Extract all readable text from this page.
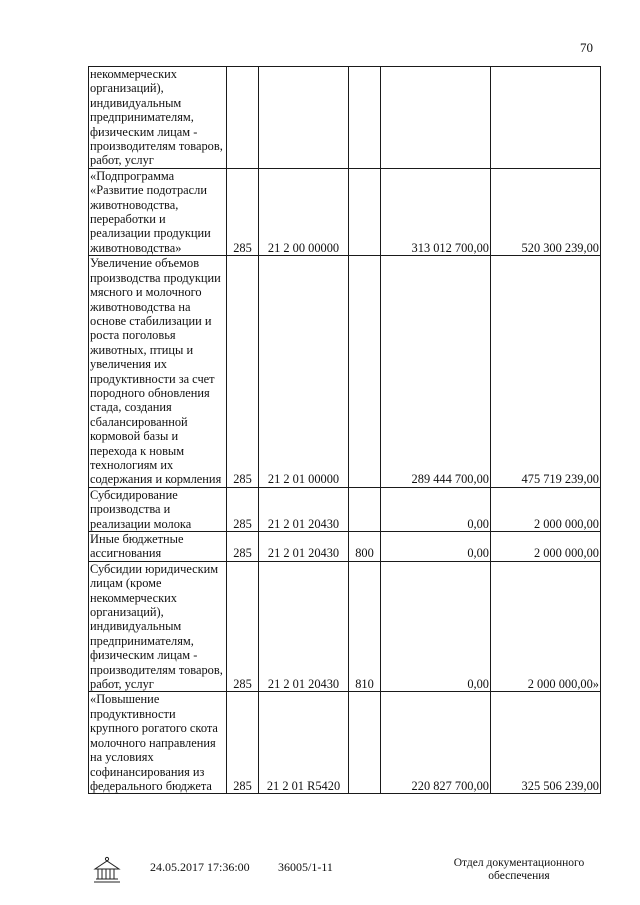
70
некоммерческих организаций), индивидуальным предпринимателям, физическим лицам - производителям товаров, работ, услуг					
«Подпрограмма «Развитие подотрасли животноводства, переработки и реализации продукции животноводства»	285	21 2 00 00000		313 012 700,00	520 300 239,00
Увеличение объемов производства продукции мясного и молочного животноводства на основе стабилизации и роста поголовья животных, птицы и увеличения их продуктивности за счет породного обновления стада, создания сбалансированной кормовой базы и перехода к новым технологиям их содержания и кормления	285	21 2 01 00000		289 444 700,00	475 719 239,00
Субсидирование производства и реализации молока	285	21 2 01 20430		0,00	2 000 000,00
Иные бюджетные ассигнования	285	21 2 01 20430	800	0,00	2 000 000,00
Субсидии юридическим лицам (кроме некоммерческих организаций), индивидуальным предпринимателям, физическим лицам - производителям товаров, работ, услуг	285	21 2 01 20430	810	0,00	2 000 000,00»
«Повышение продуктивности крупного рогатого скота молочного направления на условиях софинансирования из федерального бюджета	285	21 2 01 R5420		220 827 700,00	325 506 239,00
24.05.2017 17:36:00 36005/1-11	Отдел документационного обеспечения
